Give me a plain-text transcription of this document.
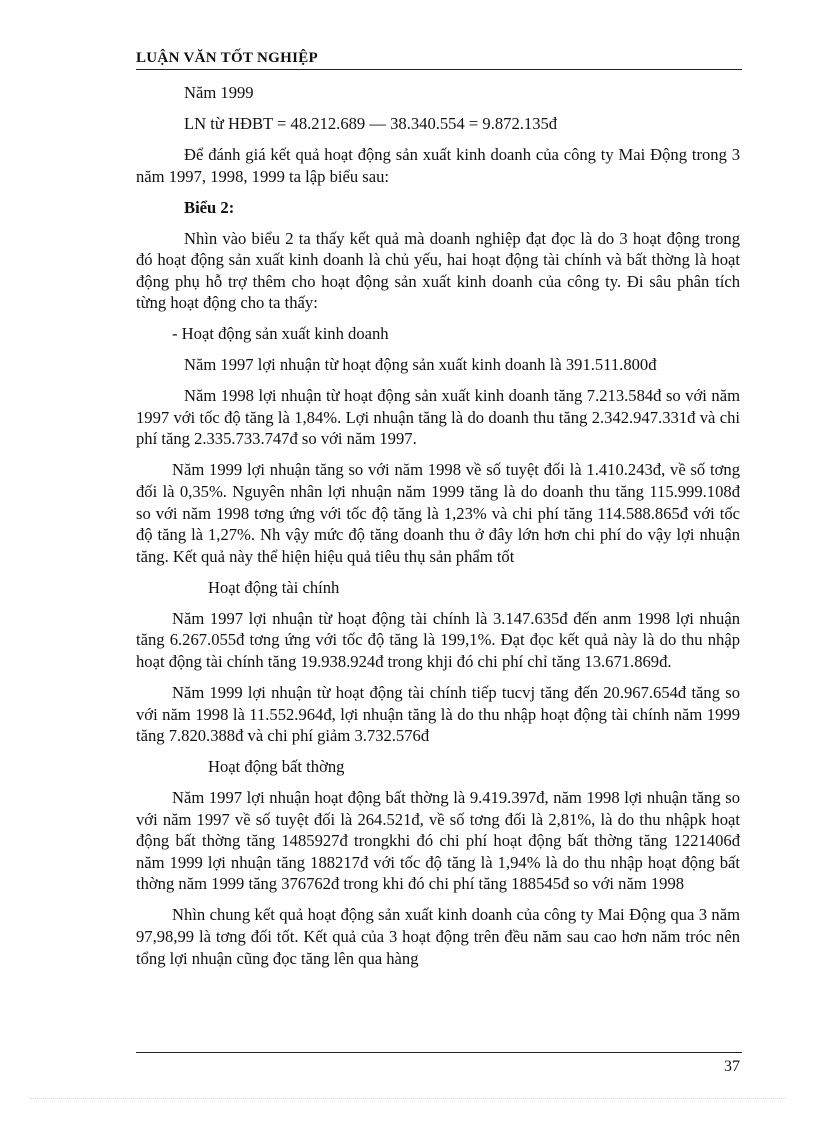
LUẬN VĂN TỐT NGHIỆP

Năm 1999

LN từ HĐBT = 48.212.689 — 38.340.554 = 9.872.135đ

Để đánh giá kết quả hoạt động sản xuất kinh doanh của công ty Mai Động trong 3 năm 1997, 1998, 1999 ta lập biểu sau:

Biểu 2:

Nhìn vào biểu 2 ta thấy kết quả mà doanh nghiệp đạt đọc là do 3 hoạt động trong đó hoạt động sản xuất kinh doanh là chủ yếu, hai hoạt động tài chính và bất thờng là hoạt động phụ hỗ trợ thêm cho hoạt động sản xuất kinh doanh của công ty. Đi sâu phân tích từng hoạt động cho ta thấy:

- Hoạt động sản xuất kinh doanh

Năm 1997 lợi nhuận từ hoạt động sản xuất kinh doanh là 391.511.800đ

Năm 1998 lợi nhuận từ hoạt động sản xuất kinh doanh tăng 7.213.584đ so với năm 1997 với tốc độ tăng là 1,84%. Lợi nhuận tăng là do doanh thu tăng 2.342.947.331đ và chi phí tăng 2.335.733.747đ so với năm 1997.

Năm 1999 lợi nhuận tăng so với năm 1998 về số tuyệt đối là 1.410.243đ, về số tơng đối là 0,35%. Nguyên nhân lợi nhuận năm 1999 tăng là do doanh thu tăng 115.999.108đ so với năm 1998 tơng ứng với tốc độ tăng là 1,23% và chi phí tăng 114.588.865đ với tốc độ tăng là 1,27%. Nh vậy mức độ tăng doanh thu ở đây lớn hơn chi phí do vậy lợi nhuận tăng. Kết quả này thể hiện hiệu quả tiêu thụ sản phẩm tốt

Hoạt động tài chính

Năm 1997 lợi nhuận từ hoạt động tài chính là 3.147.635đ đến anm 1998 lợi nhuận tăng 6.267.055đ tơng ứng với tốc độ tăng là 199,1%. Đạt đọc kết quả này là do thu nhập hoạt động tài chính tăng 19.938.924đ trong khji đó chi phí chỉ tăng 13.671.869đ.

Năm 1999 lợi nhuận từ hoạt động tài chính tiếp tucvj tăng đến 20.967.654đ tăng so với năm 1998 là 11.552.964đ, lợi nhuận tăng là do thu nhập hoạt động tài chính năm 1999 tăng 7.820.388đ và chi phí giảm 3.732.576đ

Hoạt động bất thờng

Năm 1997 lợi nhuận hoạt động bất thờng là 9.419.397đ, năm 1998 lợi nhuận tăng so với năm 1997 về số tuyệt đối là 264.521đ, về số tơng đối là 2,81%, là do thu nhậpk hoạt động bất thờng tăng 1485927đ trongkhi đó chi phí hoạt động bất thờng tăng 1221406đ năm 1999 lợi nhuận tăng 188217đ với tốc độ tăng là 1,94% là do thu nhập hoạt động bất thờng năm 1999 tăng 376762đ trong khi đó chi phí tăng 188545đ so với năm 1998

Nhìn chung kết quả hoạt động sản xuất kinh doanh của công ty Mai Động qua 3 năm 97,98,99 là tơng đối tốt. Kết quả của 3 hoạt động trên đều năm sau cao hơn năm tróc nên tổng lợi nhuận cũng đọc tăng lên qua hàng

37
